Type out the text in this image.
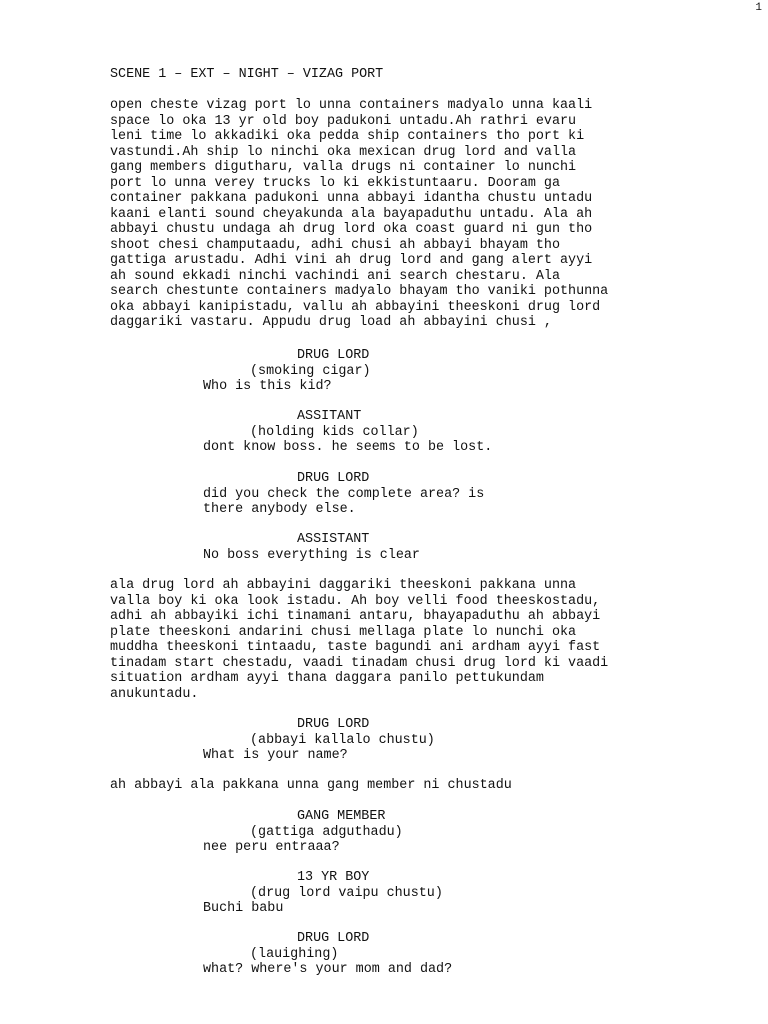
1
SCENE 1 – EXT – NIGHT – VIZAG PORT
open cheste vizag port lo unna containers madyalo unna kaali
space lo oka 13 yr old boy padukoni untadu.Ah rathri evaru
leni time lo akkadiki oka pedda ship containers tho port ki
vastundi.Ah ship lo ninchi oka mexican drug lord and valla
gang members digutharu, valla drugs ni container lo nunchi
port lo unna verey trucks lo ki ekkistuntaaru. Dooram ga
container pakkana padukoni unna abbayi idantha chustu untadu
kaani elanti sound cheyakunda ala bayapaduthu untadu. Ala ah
abbayi chustu undaga ah drug lord oka coast guard ni gun tho
shoot chesi champutaadu, adhi chusi ah abbayi bhayam tho
gattiga arustadu. Adhi vini ah drug lord and gang alert ayyi
ah sound ekkadi ninchi vachindi ani search chestaru. Ala
search chestunte containers madyalo bhayam tho vaniki pothunna
oka abbayi kanipistadu, vallu ah abbayini theeskoni drug lord
daggariki vastaru. Appudu drug load ah abbayini chusi ,
DRUG LORD
(smoking cigar)
Who is this kid?
ASSITANT
(holding kids collar)
dont know boss. he seems to be lost.
DRUG LORD
did you check the complete area? is
there anybody else.
ASSISTANT
No boss everything is clear
ala drug lord ah abbayini daggariki theeskoni pakkana unna
valla boy ki oka look istadu. Ah boy velli food theeskostadu,
adhi ah abbayiki ichi tinamani antaru, bhayapaduthu ah abbayi
plate theeskoni andarini chusi mellaga plate lo nunchi oka
muddha theeskoni tintaadu, taste bagundi ani ardham ayyi fast
tinadam start chestadu, vaadi tinadam chusi drug lord ki vaadi
situation ardham ayyi thana daggara panilo pettukundam
anukuntadu.
DRUG LORD
(abbayi kallalo chustu)
What is your name?
ah abbayi ala pakkana unna gang member ni chustadu
GANG MEMBER
(gattiga adguthadu)
nee peru entraaa?
13 YR BOY
(drug lord vaipu chustu)
Buchi babu
DRUG LORD
(lauighing)
what? where's your mom and dad?
